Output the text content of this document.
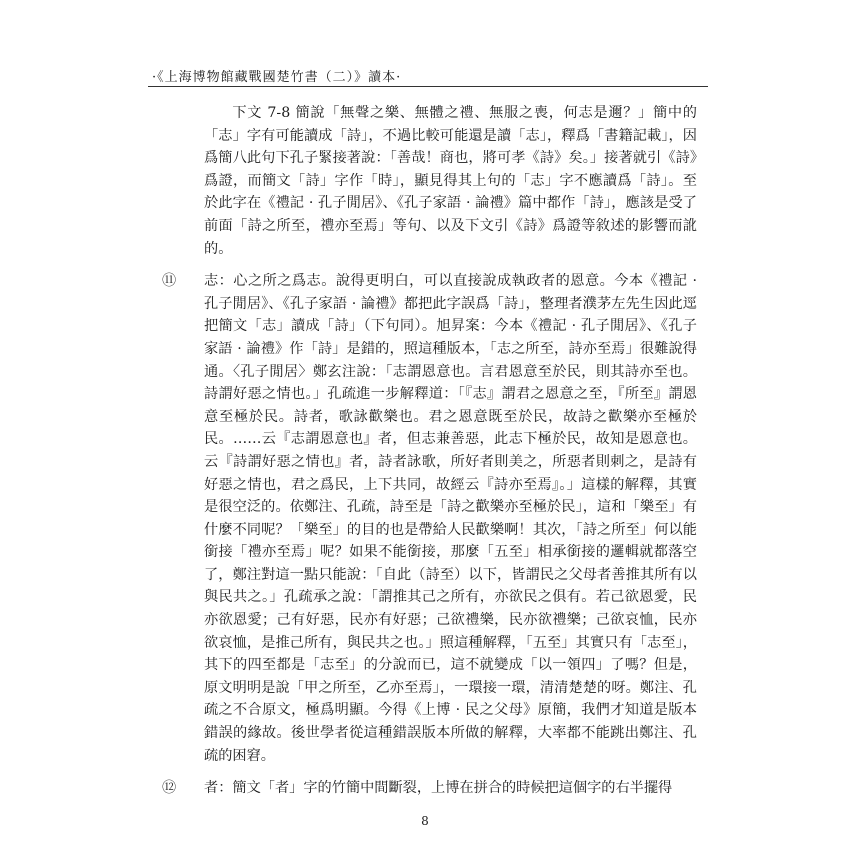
·《上海博物館藏戰國楚竹書（二）》讀本·

下文 7-8 簡說「無聲之樂、無體之禮、無服之喪，何志是邇？」簡中的「志」字有可能讀成「詩」，不過比較可能還是讀「志」，釋爲「書籍記載」，因爲簡八此句下孔子緊接著說：「善哉！商也，將可孝《詩》矣。」接著就引《詩》爲證，而簡文「詩」字作「時」，顯見得其上句的「志」字不應讀爲「詩」。至於此字在《禮記 · 孔子閒居》、《孔子家語 · 論禮》篇中都作「詩」，應該是受了前面「詩之所至，禮亦至焉」等句、以及下文引《詩》爲證等敘述的影響而訛的。

⑪ 志：心之所之爲志。說得更明白，可以直接說成執政者的恩意。今本《禮記 · 孔子閒居》、《孔子家語 · 論禮》都把此字誤爲「詩」，整理者濮茅左先生因此逕把簡文「志」讀成「詩」（下句同）。旭昇案：今本《禮記 · 孔子閒居》、《孔子家語 · 論禮》作「詩」是錯的，照這種版本，「志之所至，詩亦至焉」很難說得通。〈孔子閒居〉鄭玄注說：「志謂恩意也。言君恩意至於民，則其詩亦至也。詩謂好惡之情也。」孔疏進一步解釋道：「『志』謂君之恩意之至，『所至』謂恩意至極於民。詩者，歌詠歡樂也。君之恩意既至於民，故詩之歡樂亦至極於民。……云『志謂恩意也』者，但志兼善惡，此志下極於民，故知是恩意也。云『詩謂好惡之情也』者，詩者詠歌，所好者則美之，所惡者則刺之，是詩有好惡之情也，君之爲民，上下共同，故經云『詩亦至焉』。」這樣的解釋，其實是很空泛的。依鄭注、孔疏，詩至是「詩之歡樂亦至極於民」，這和「樂至」有什麼不同呢？「樂至」的目的也是帶給人民歡樂啊！其次，「詩之所至」何以能銜接「禮亦至焉」呢？如果不能銜接，那麼「五至」相承銜接的邏輯就都落空了，鄭注對這一點只能說：「自此（詩至）以下，皆謂民之父母者善推其所有以與民共之。」孔疏承之說：「謂推其己之所有，亦欲民之俱有。若己欲恩愛，民亦欲恩愛；己有好惡，民亦有好惡；己欲禮樂，民亦欲禮樂；己欲哀恤，民亦欲哀恤，是推己所有，與民共之也。」照這種解釋，「五至」其實只有「志至」，其下的四至都是「志至」的分說而已，這不就變成「以一領四」了嗎？但是，原文明明是說「甲之所至，乙亦至焉」，一環接一環，清清楚楚的呀。鄭注、孔疏之不合原文，極爲明顯。今得《上博 · 民之父母》原簡，我們才知道是版本錯誤的緣故。後世學者從這種錯誤版本所做的解釋，大率都不能跳出鄭注、孔疏的困窘。
⑫ 者：簡文「者」字的竹簡中間斷裂，上博在拼合的時候把這個字的右半擺得
8
